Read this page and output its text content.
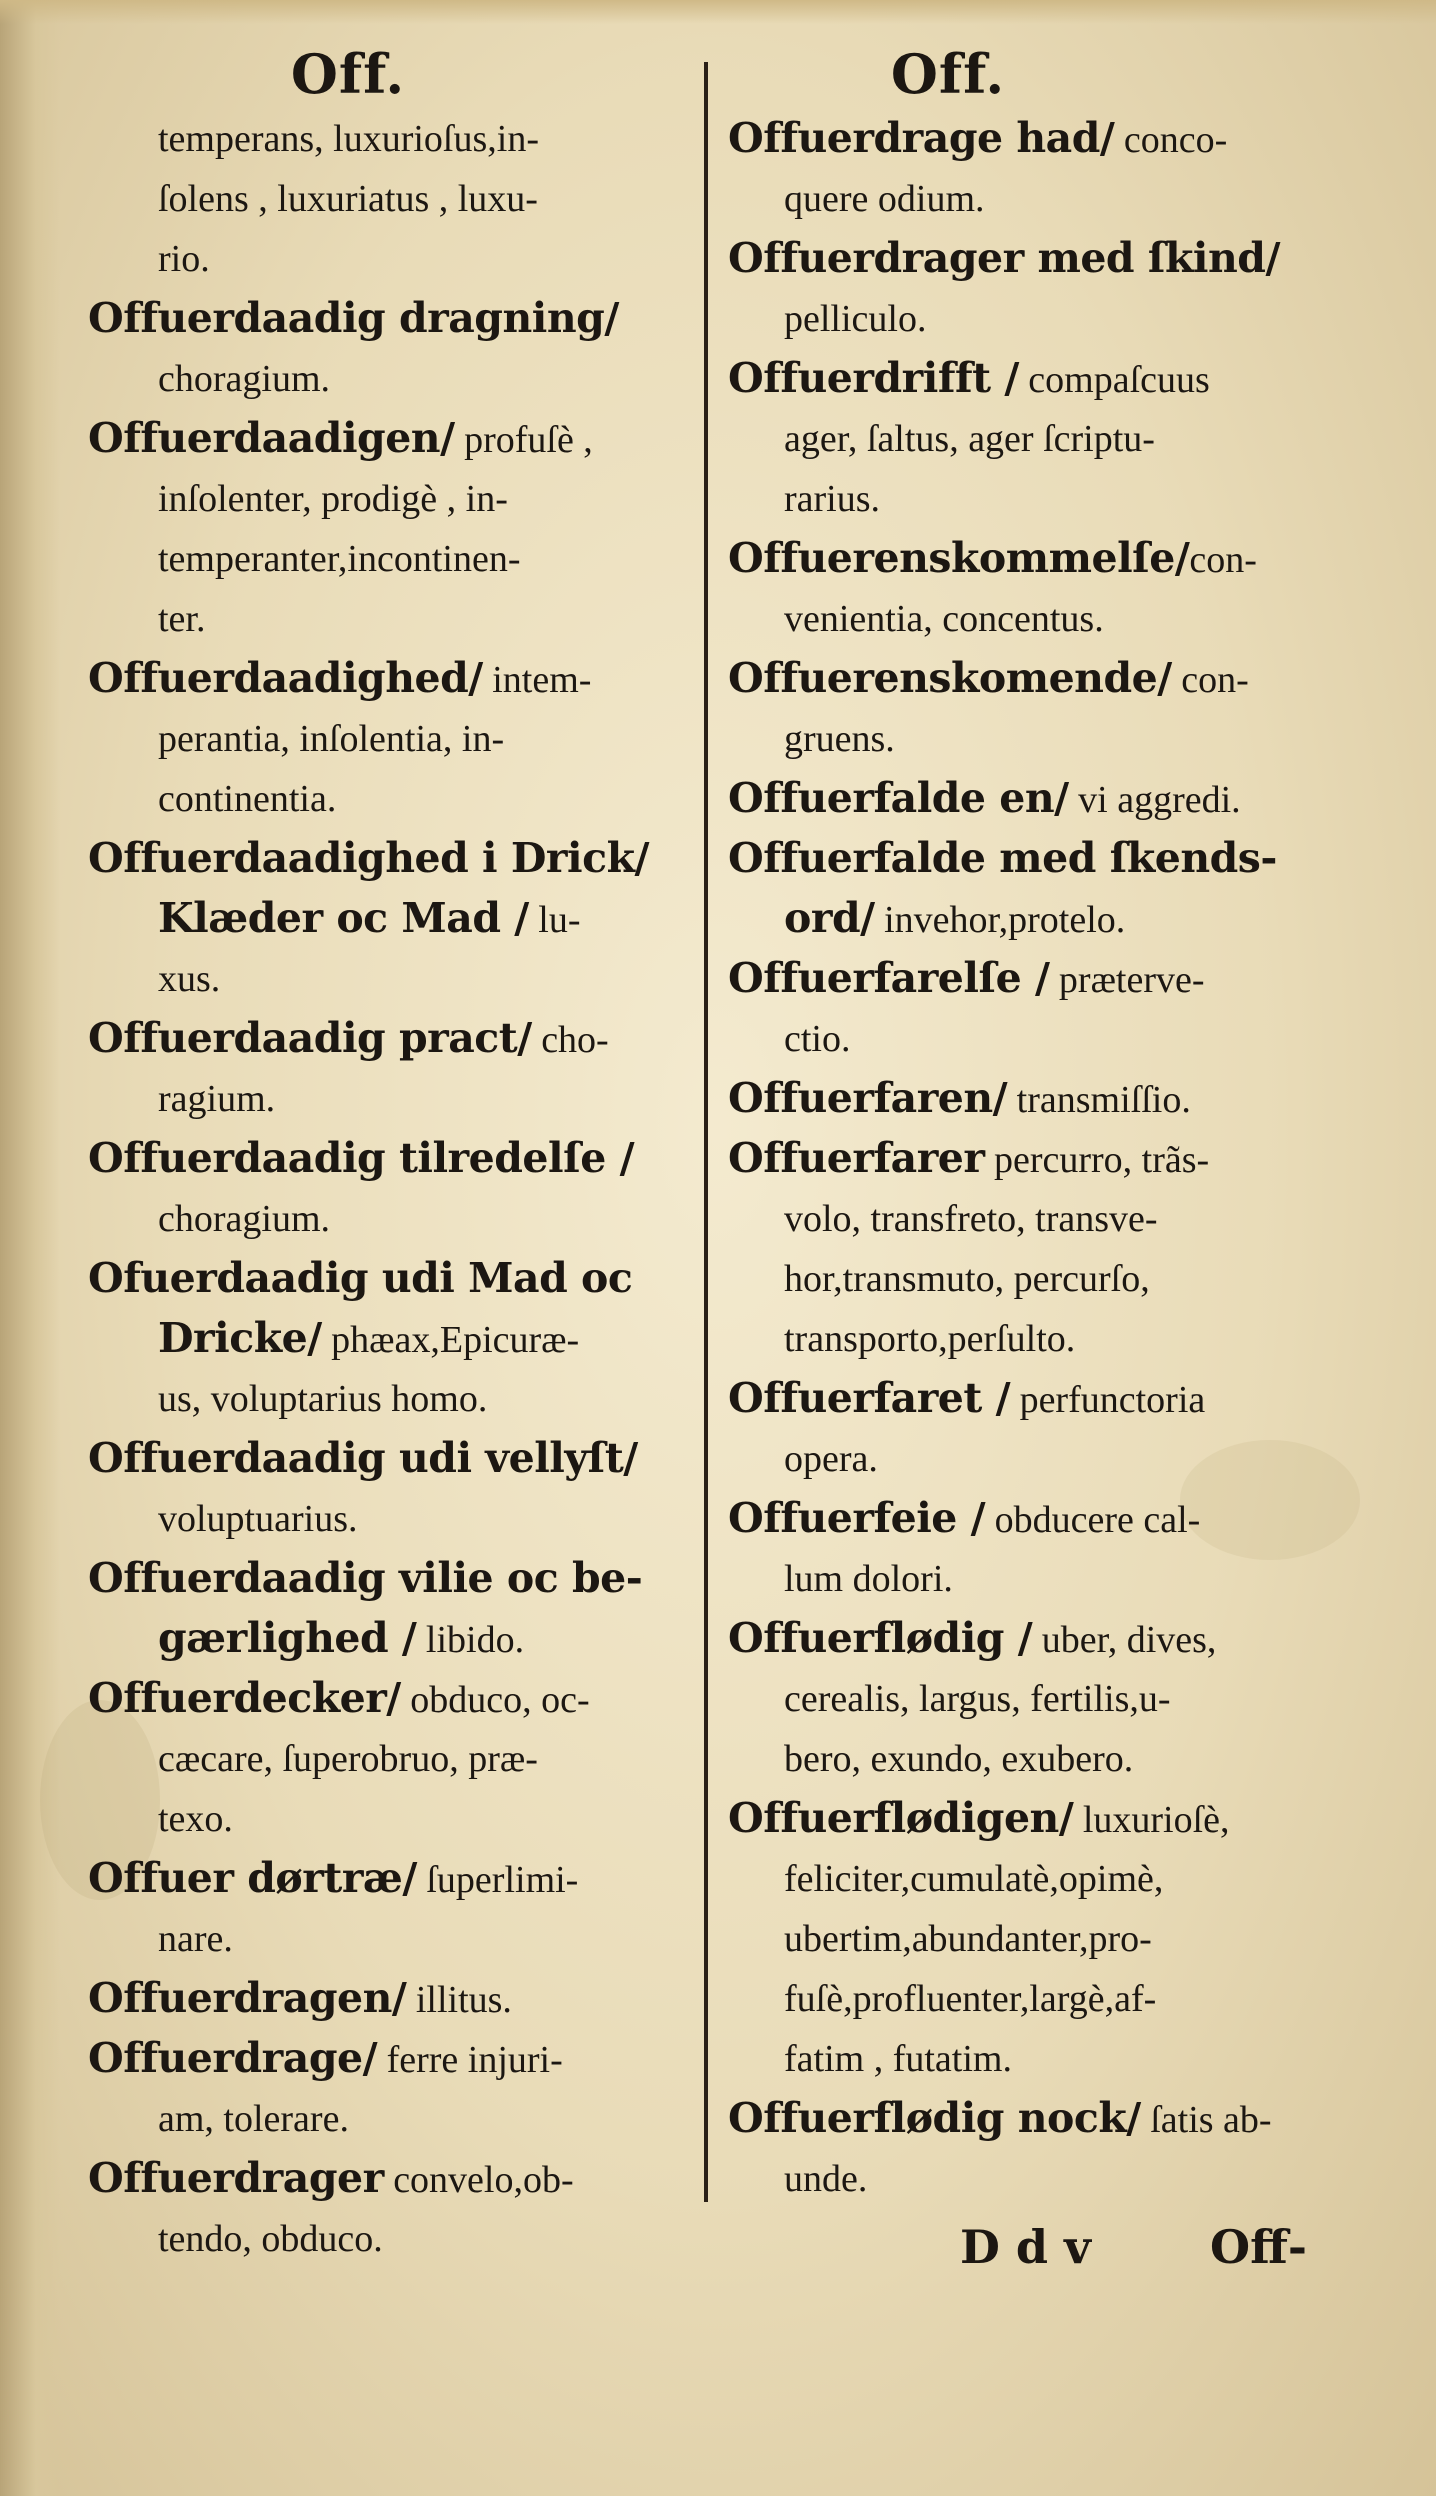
Off.
temperans, luxurioſus,in-
ſolens , luxuriatus , luxu-
rio.
Offuerdaadig dragning/
choragium.
Offuerdaadigen/ profuſè ,
inſolenter, prodigè , in-
temperanter,incontinen-
ter.
Offuerdaadighed/ intem-
perantia, inſolentia, in-
continentia.
Offuerdaadighed i Drick/
Klæder oc Mad / lu-
xus.
Offuerdaadig pract/ cho-
ragium.
Offuerdaadig tilredelſe /
choragium.
Ofuerdaadig udi Mad oc
Dricke/ phæax,Epicuræ-
us, voluptarius homo.
Offuerdaadig udi vellyſt/
voluptuarius.
Offuerdaadig vilie oc be-
gærlighed / libido.
Offuerdecker/ obduco, oc-
cæcare, ſuperobruo, præ-
texo.
Offuer dørtræ/ ſuperlimi-
nare.
Offuerdragen/ illitus.
Offuerdrage/ ferre injuri-
am, tolerare.
Offuerdrager convelo,ob-
tendo, obduco.
Off.
Offuerdrage had/ conco-
quere odium.
Offuerdrager med ſkind/
pelliculo.
Offuerdrifft / compaſcuus
ager, ſaltus, ager ſcriptu-
rarius.
Offuerenskommelſe/con-
venientia, concentus.
Offuerenskomende/ con-
gruens.
Offuerfalde en/ vi aggredi.
Offuerfalde med ſkends-
ord/ invehor,protelo.
Offuerfarelſe / prætervе-
ctio.
Offuerfaren/ transmiſſio.
Offuerfarer percurro, trãs-
volo, transfreto, transve-
hor,transmuto, percurſo,
transporto,perſulto.
Offuerfaret / perfunctoria
opera.
Offuerfeie / obducere cal-
lum dolori.
Offuerflødig / uber, dives,
cerealis, largus, fertilis,u-
bero, exundo, exubero.
Offuerflødigen/ luxurioſè,
feliciter,cumulatè,opimè,
ubertim,abundanter,pro-
fuſè,profluenter,largè,af-
fatim , futatim.
Offuerflødig nock/ ſatis ab-
unde.
D d v	Off-
